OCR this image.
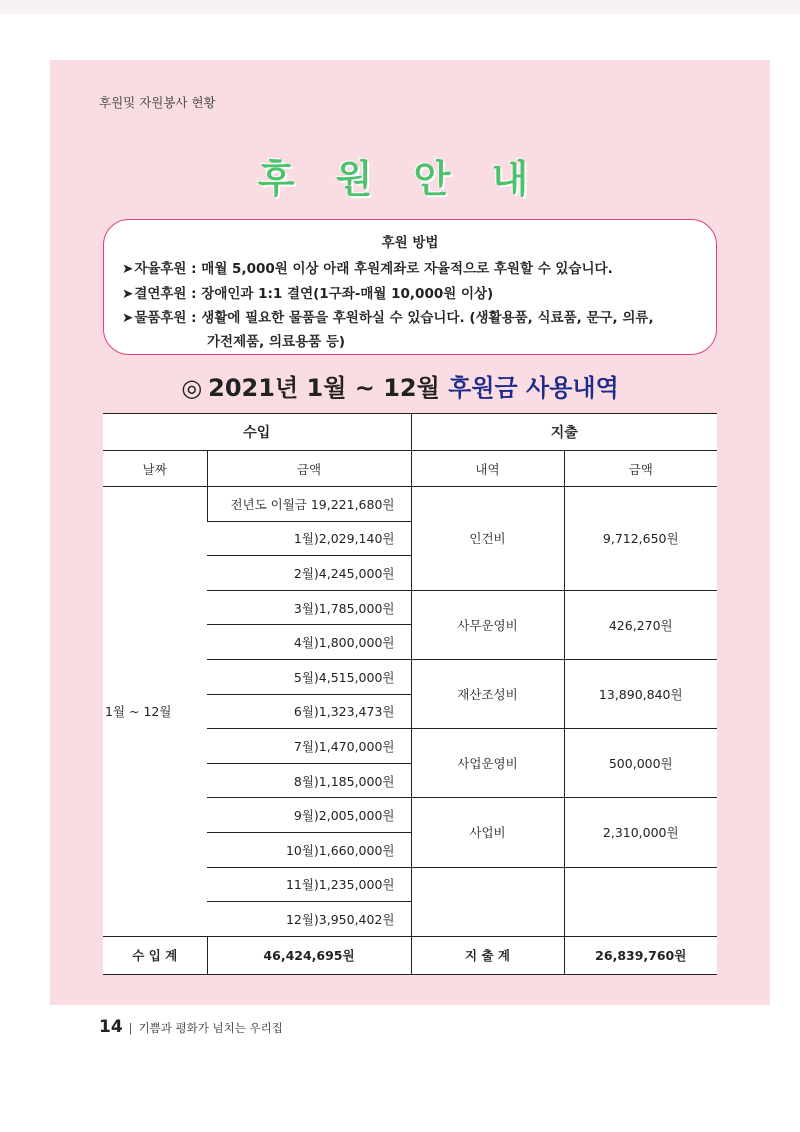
후원및 자원봉사 현황
후 원 안 내
후원 방법
➤자율후원 : 매월 5,000원 이상 아래 후원계좌로 자율적으로 후원할 수 있습니다.
➤결연후원 : 장애인과 1:1 결연(1구좌-매월 10,000원 이상)
➤물품후원 : 생활에 필요한 물품을 후원하실 수 있습니다. (생활용품, 식료품, 문구, 의류,
가전제품, 의료용품 등)
◎ 2021년 1월 ~ 12월 후원금 사용내역
수입		지출	
날짜	금액	내역	금액
1월 ~ 12월	전년도 이월금 19,221,680원	인건비	9,712,650원
	1월)2,029,140원		
	2월)4,245,000원		
	3월)1,785,000원	사무운영비	426,270원
	4월)1,800,000원		
	5월)4,515,000원	재산조성비	13,890,840원
	6월)1,323,473원		
	7월)1,470,000원	사업운영비	500,000원
	8월)1,185,000원		
	9월)2,005,000원	사업비	2,310,000원
	10월)1,660,000원		
	11월)1,235,000원		
	12월)3,950,402원		
수 입 계	46,424,695원	지 출 계	26,839,760원
14 | 기쁨과 평화가 넘치는 우리집
